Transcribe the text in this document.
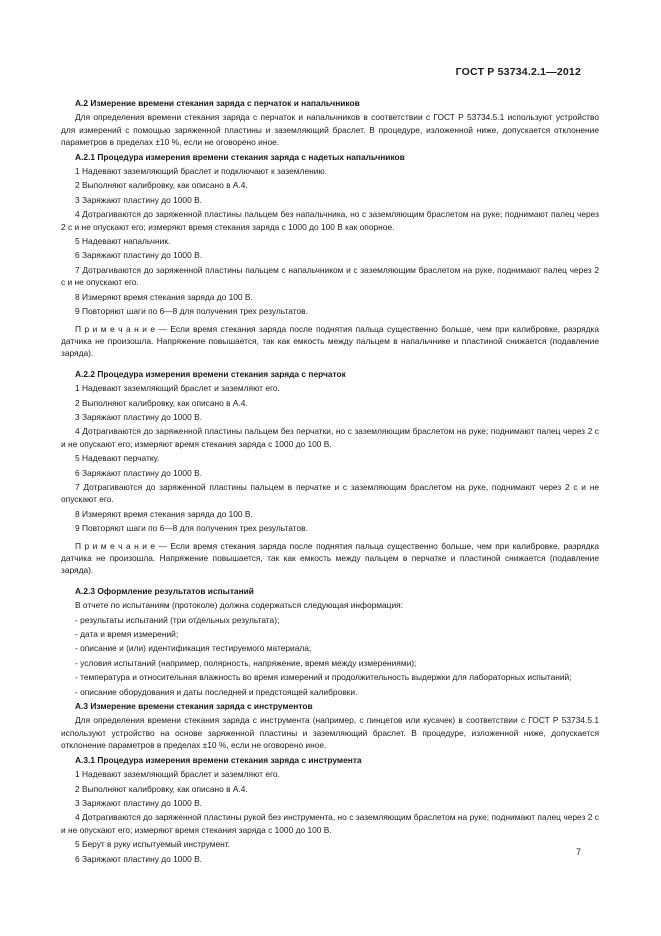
ГОСТ Р 53734.2.1—2012

А.2 Измерение времени стекания заряда с перчаток и напальчников

Для определения времени стекания заряда с перчаток и напальчников в соответствии с ГОСТ Р 53734.5.1 используют устройство для измерений с помощью заряженной пластины и заземляющий браслет. В процедуре, изложенной ниже, допускается отклонение параметров в пределах ±10 %, если не оговорено иное.

А.2.1 Процедура измерения времени стекания заряда с надетых напальчников

1 Надевают заземляющий браслет и подключают к заземлению.

2 Выполняют калибровку, как описано в А.4.

3 Заряжают пластину до 1000 В.

4 Дотрагиваются до заряженной пластины пальцем без напальчника, но с заземляющим браслетом на руке; поднимают палец через 2 с и не опускают его; измеряют время стекания заряда с 1000 до 100 В как опорное.

5 Надевают напальчник.

6 Заряжают пластину до 1000 В.

7 Дотрагиваются до заряженной пластины пальцем с напальчником и с заземляющим браслетом на руке, поднимают палец через 2 с и не опускают его.

8 Измеряют время стекания заряда до 100 В.

9 Повторяют шаги по 6—8 для получения трех результатов.

П р и м е ч а н и е — Если время стекания заряда после поднятия пальца существенно больше, чем при калибровке, разрядка датчика не произошла. Напряжение повышается, так как емкость между пальцем в напальчнике и пластиной снижается (подавление заряда).

А.2.2 Процедура измерения времени стекания заряда с перчаток

1 Надевают заземляющий браслет и заземляют его.

2 Выполняют калибровку, как описано в А.4.

3 Заряжают пластину до 1000 В.

4 Дотрагиваются до заряженной пластины пальцем без перчатки, но с заземляющим браслетом на руке; поднимают палец через 2 с и не опускают его; измеряют время стекания заряда с 1000 до 100 В.

5 Надевают перчатку.

6 Заряжают пластину до 1000 В.

7 Дотрагиваются до заряженной пластины пальцем в перчатке и с заземляющим браслетом на руке, поднимают через 2 с и не опускают его.

8 Измеряют время стекания заряда до 100 В.

9 Повторяют шаги по 6—8 для получения трех результатов.

П р и м е ч а н и е — Если время стекания заряда после поднятия пальца существенно больше, чем при калибровке, разрядка датчика не произошла. Напряжение повышается, так как емкость между пальцем в перчатке и пластиной снижается (подавление заряда).

А.2.3 Оформление результатов испытаний

В отчете по испытаниям (протоколе) должна содержаться следующая информация:

- результаты испытаний (три отдельных результата);

- дата и время измерений;

- описание и (или) идентификация тестируемого материала;

- условия испытаний (например, полярность, напряжение, время между измерениями);

- температура и относительная влажность во время измерений и продолжительность выдержки для лабораторных испытаний;

- описание оборудования и даты последней и предстоящей калибровки.

А.3 Измерение времени стекания заряда с инструментов

Для определения времени стекания заряда с инструмента (например, с пинцетов или кусачек) в соответствии с ГОСТ Р 53734.5.1 используют устройство на основе заряженной пластины и заземляющий браслет. В процедуре, изложенной ниже, допускается отклонение параметров в пределах ±10 %, если не оговорено иное.

А.3.1 Процедура измерения времени стекания заряда с инструмента

1 Надевают заземляющий браслет и заземляют его.

2 Выполняют калибровку, как описано в А.4.

3 Заряжают пластину до 1000 В.

4 Дотрагиваются до заряженной пластины рукой без инструмента, но с заземляющим браслетом на руке; поднимают палец через 2 с и не опускают его; измеряют время стекания заряда с 1000 до 100 В.

5 Берут в руку испытуемый инструмент.

6 Заряжают пластину до 1000 В.

7
